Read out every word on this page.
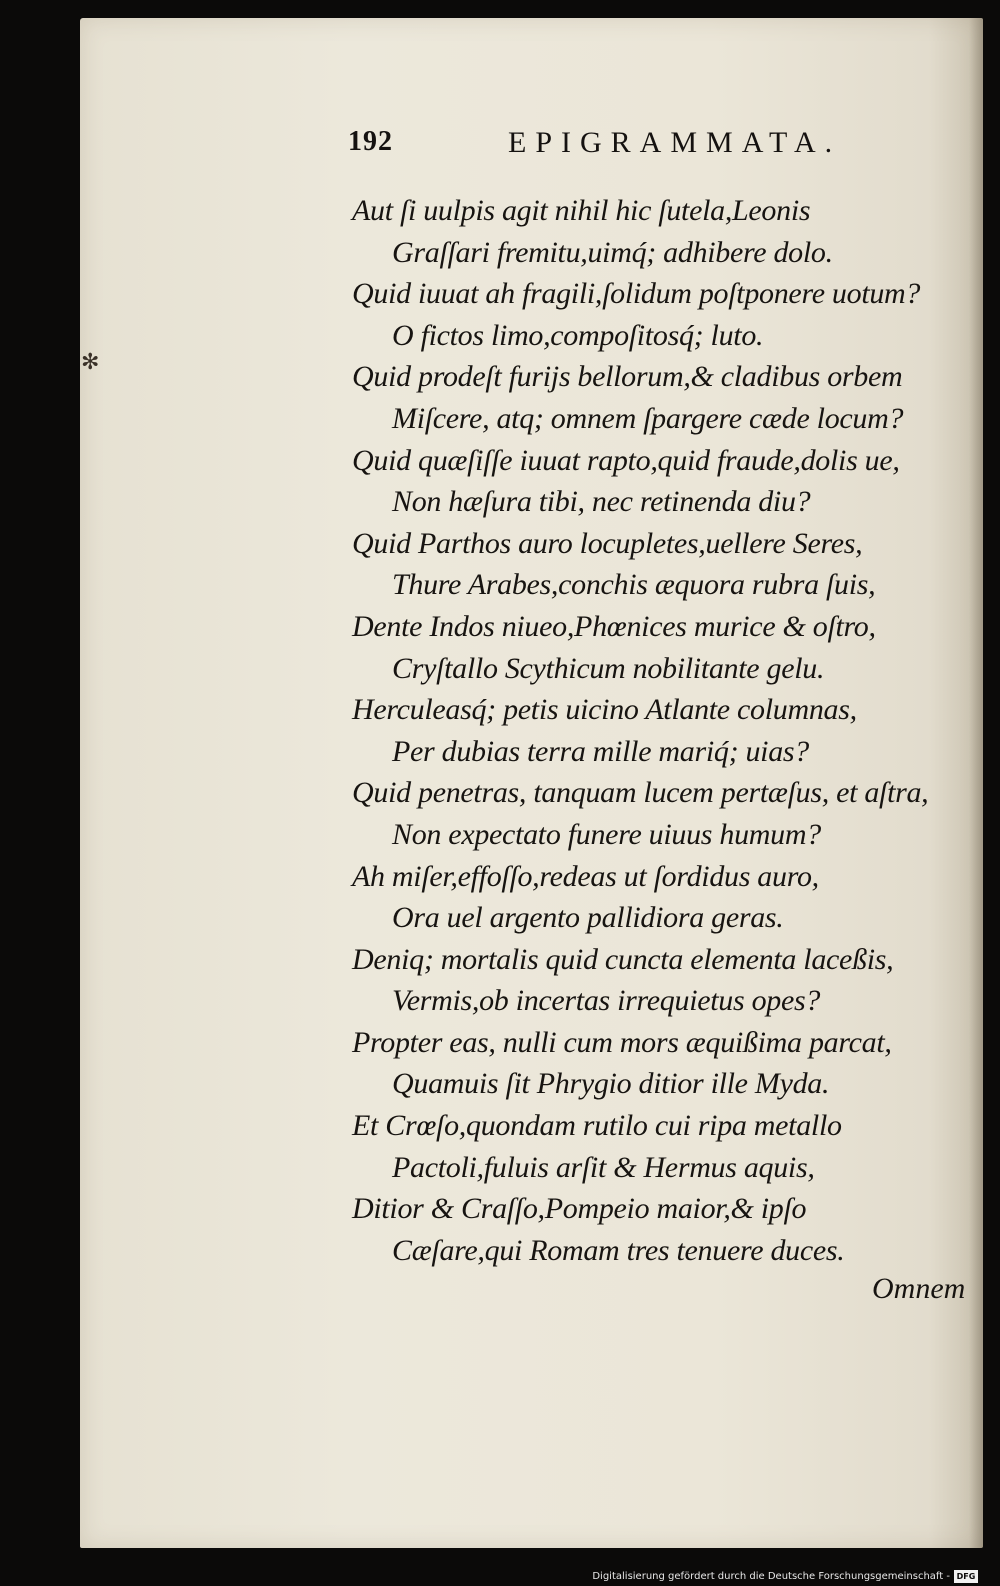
✻
192	EPIGRAMMATA.
Aut ſi uulpis agit nihil hic ſutela,Leonis
Graſſari fremitu,uimq́; adhibere dolo.
Quid iuuat ah fragili,ſolidum poſtponere uotum?
O fictos limo,compoſitosq́; luto.
Quid prodeſt furijs bellorum,& cladibus orbem
Miſcere, atq; omnem ſpargere cæde locum?
Quid quæſiſſe iuuat rapto,quid fraude,dolis ue,
Non hæſura tibi, nec retinenda diu?
Quid Parthos auro locupletes,uellere Seres,
Thure Arabes,conchis æquora rubra ſuis,
Dente Indos niueo,Phœnices murice & oſtro,
Cryſtallo Scythicum nobilitante gelu.
Herculeasq́; petis uicino Atlante columnas,
Per dubias terra mille mariq́; uias?
Quid penetras, tanquam lucem pertæſus, et aſtra,
Non expectato funere uiuus humum?
Ah miſer,effoſſo,redeas ut ſordidus auro,
Ora uel argento pallidiora geras.
Deniq; mortalis quid cuncta elementa laceßis,
Vermis,ob incertas irrequietus opes?
Propter eas, nulli cum mors æquißima parcat,
Quamuis ſit Phrygio ditior ille Myda.
Et Crœſo,quondam rutilo cui ripa metallo
Pactoli,fuluis arſit & Hermus aquis,
Ditior & Craſſo,Pompeio maior,& ipſo
Cæſare,qui Romam tres tenuere duces.
Omnem
Digitalisierung gefördert durch die Deutsche Forschungsgemeinschaft - DFG
